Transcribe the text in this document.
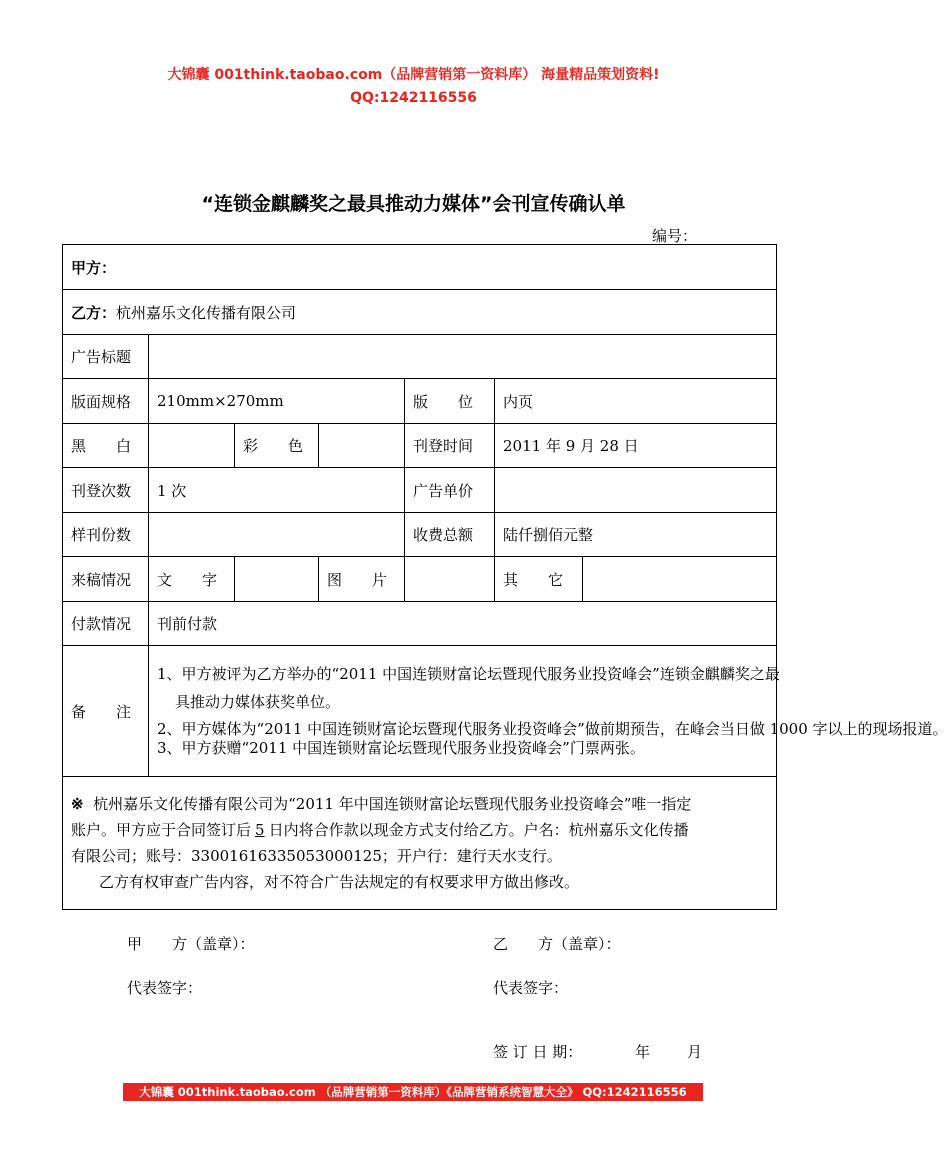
大锦囊 001think.taobao.com（品牌营销第一资料库） 海量精品策划资料!
QQ:1242116556
“连锁金麒麟奖之最具推动力媒体”会刊宣传确认单
编号：
甲方：						
乙方：杭州嘉乐文化传播有限公司						
广告标题						
版面规格	210mm×270mm			版　　位	内页	
黑　　白		彩　　色		刊登时间	2011 年 9 月 28 日	
刊登次数	1 次			广告单价		
样刊份数				收费总额	陆仟捌佰元整	
来稿情况	文　　字		图　　片		其　　它	
付款情况	刊前付款					
备　　注	1、甲方被评为乙方举办的“2011 中国连锁财富论坛暨现代服务业投资峰会”连锁金麒麟奖之最

具推动力媒体获奖单位。

2、甲方媒体为“2011 中国连锁财富论坛暨现代服务业投资峰会”做前期预告，在峰会当日做 1000 字以上的现场报道。

3、甲方获赠“2011 中国连锁财富论坛暨现代服务业投资峰会”门票两张。					

※ 杭州嘉乐文化传播有限公司为“2011 年中国连锁财富论坛暨现代服务业投资峰会”唯一指定

账户。甲方应于合同签订后 5 日内将合作款以现金方式支付给乙方。户名：杭州嘉乐文化传播

有限公司；账号：33001616335053000125；开户行：建行天水支行。

乙方有权审查广告内容，对不符合广告法规定的有权要求甲方做出修改。						

甲　　方（盖章）：	乙　　方（盖章）：
代表签字：	代表签字：
签 订 日 期：	年 月
大锦囊 001think.taobao.com （品牌营销第一资料库）《品牌营销系统智慧大全》 QQ:1242116556
